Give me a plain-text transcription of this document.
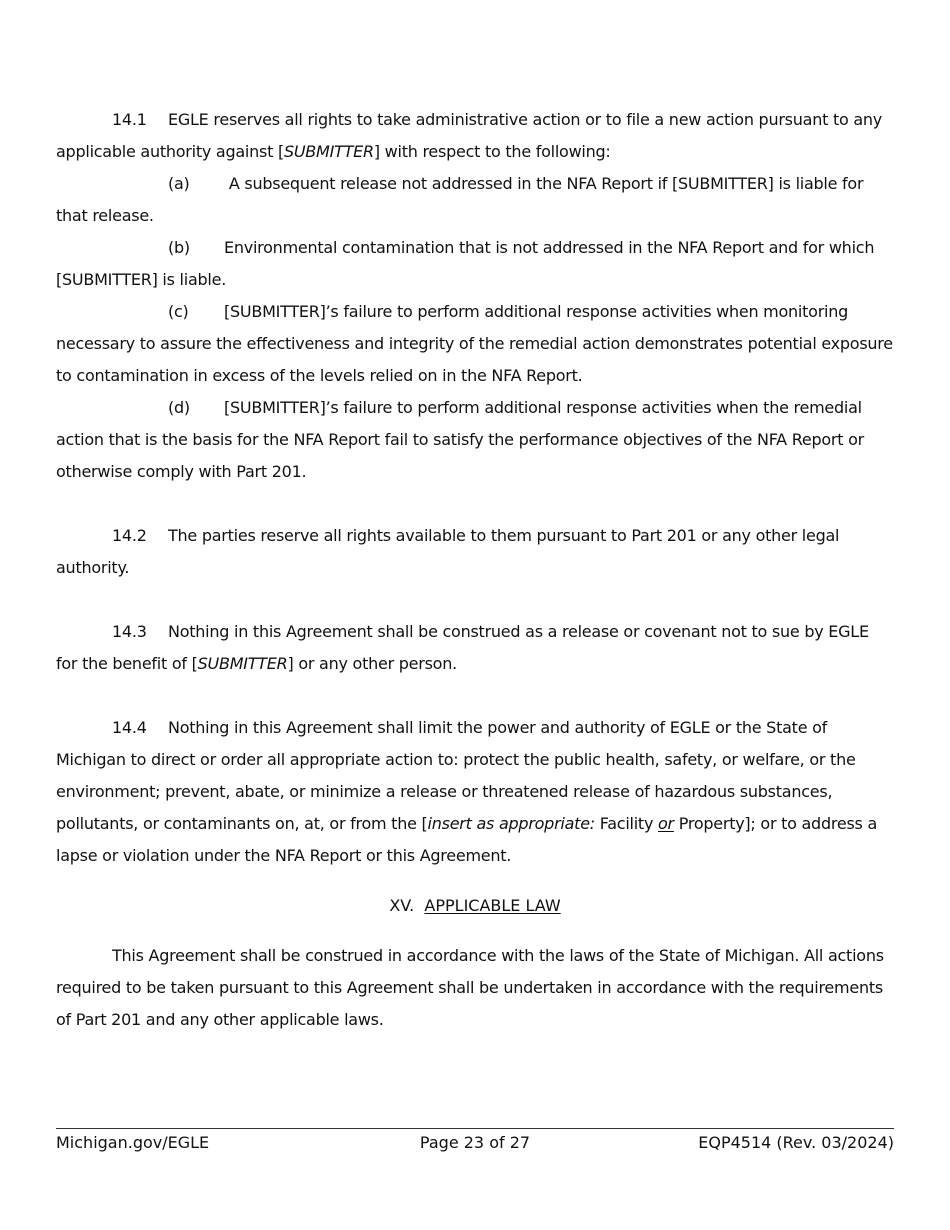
14.1 EGLE reserves all rights to take administrative action or to file a new action pursuant to any applicable authority against [SUBMITTER] with respect to the following:

(a) A subsequent release not addressed in the NFA Report if [SUBMITTER] is liable for that release.

(b) Environmental contamination that is not addressed in the NFA Report and for which [SUBMITTER] is liable.

(c) [SUBMITTER]’s failure to perform additional response activities when monitoring necessary to assure the effectiveness and integrity of the remedial action demonstrates potential exposure to contamination in excess of the levels relied on in the NFA Report.

(d) [SUBMITTER]’s failure to perform additional response activities when the remedial action that is the basis for the NFA Report fail to satisfy the performance objectives of the NFA Report or otherwise comply with Part 201.

14.2 The parties reserve all rights available to them pursuant to Part 201 or any other legal authority.

14.3 Nothing in this Agreement shall be construed as a release or covenant not to sue by EGLE for the benefit of [SUBMITTER] or any other person.

14.4 Nothing in this Agreement shall limit the power and authority of EGLE or the State of Michigan to direct or order all appropriate action to: protect the public health, safety, or welfare, or the environment; prevent, abate, or minimize a release or threatened release of hazardous substances, pollutants, or contaminants on, at, or from the [insert as appropriate: Facility or Property]; or to address a lapse or violation under the NFA Report or this Agreement.

XV. APPLICABLE LAW

This Agreement shall be construed in accordance with the laws of the State of Michigan. All actions required to be taken pursuant to this Agreement shall be undertaken in accordance with the requirements of Part 201 and any other applicable laws.

Michigan.gov/EGLE	Page 23 of 27	EQP4514 (Rev. 03/2024)
